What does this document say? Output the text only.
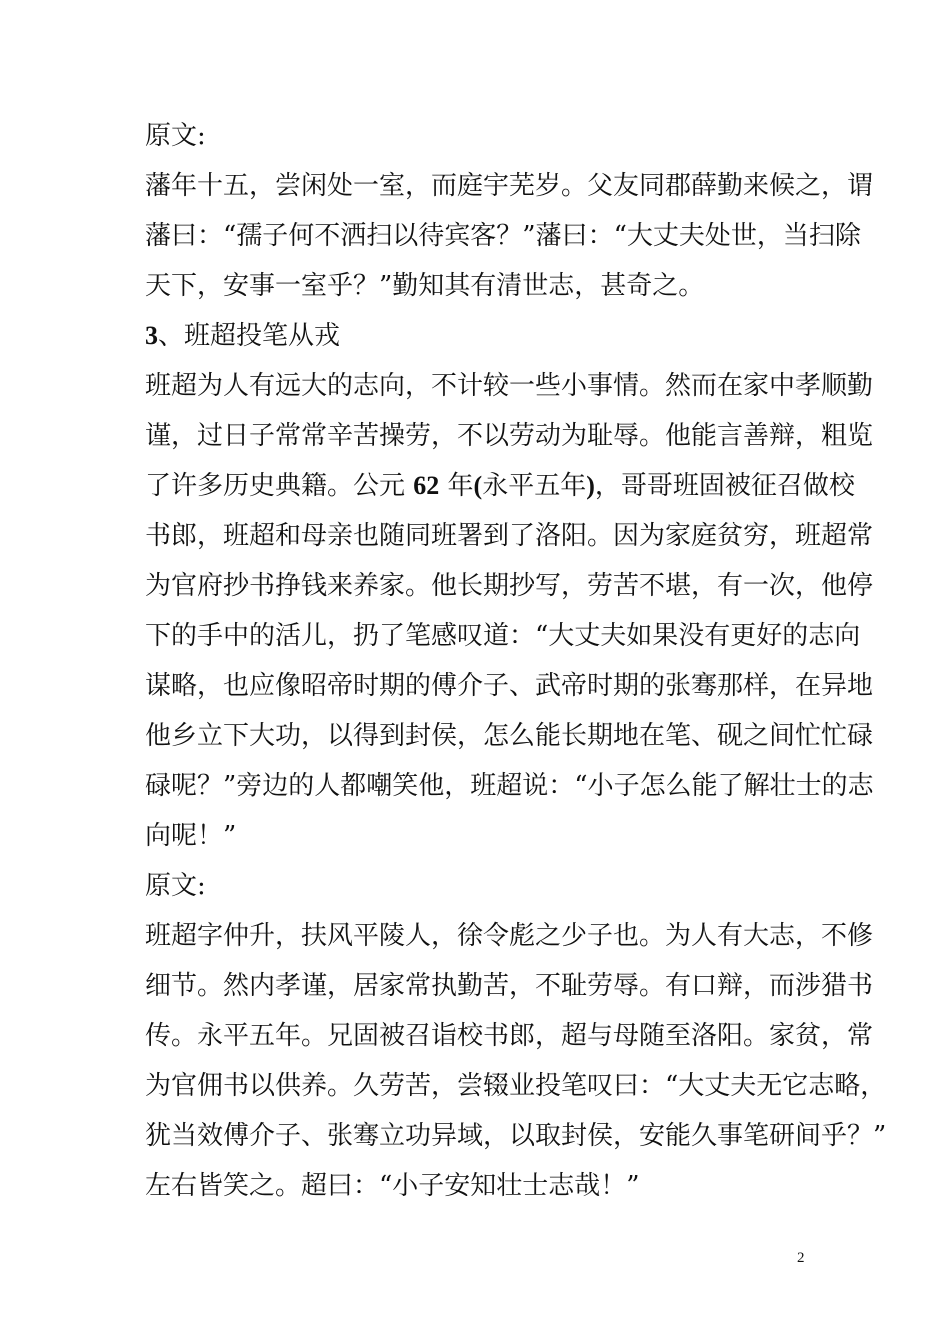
原文:
藩年十五，尝闲处一室，而庭宇芜岁。父友同郡薛勤来候之，谓
藩曰：“孺子何不洒扫以待宾客？”藩曰：“大丈夫处世，当扫除
天下，安事一室乎？”勤知其有清世志，甚奇之。
3、班超投笔从戎
班超为人有远大的志向，不计较一些小事情。然而在家中孝顺勤
谨，过日子常常辛苦操劳，不以劳动为耻辱。他能言善辩，粗览
了许多历史典籍。公元 62 年(永平五年)，哥哥班固被征召做校
书郎，班超和母亲也随同班署到了洛阳。因为家庭贫穷，班超常
为官府抄书挣钱来养家。他长期抄写，劳苦不堪，有一次，他停
下的手中的活儿，扔了笔感叹道：“大丈夫如果没有更好的志向
谋略，也应像昭帝时期的傅介子、武帝时期的张骞那样，在异地
他乡立下大功，以得到封侯，怎么能长期地在笔、砚之间忙忙碌
碌呢？”旁边的人都嘲笑他，班超说：“小子怎么能了解壮士的志
向呢！”
原文:
班超字仲升，扶风平陵人，徐令彪之少子也。为人有大志，不修
细节。然内孝谨，居家常执勤苦，不耻劳辱。有口辩，而涉猎书
传。永平五年。兄固被召诣校书郎，超与母随至洛阳。家贫，常
为官佣书以供养。久劳苦，尝辍业投笔叹曰：“大丈夫无它志略，
犹当效傅介子、张骞立功异域，以取封侯，安能久事笔研间乎？”
左右皆笑之。超曰：“小子安知壮士志哉！”
2
